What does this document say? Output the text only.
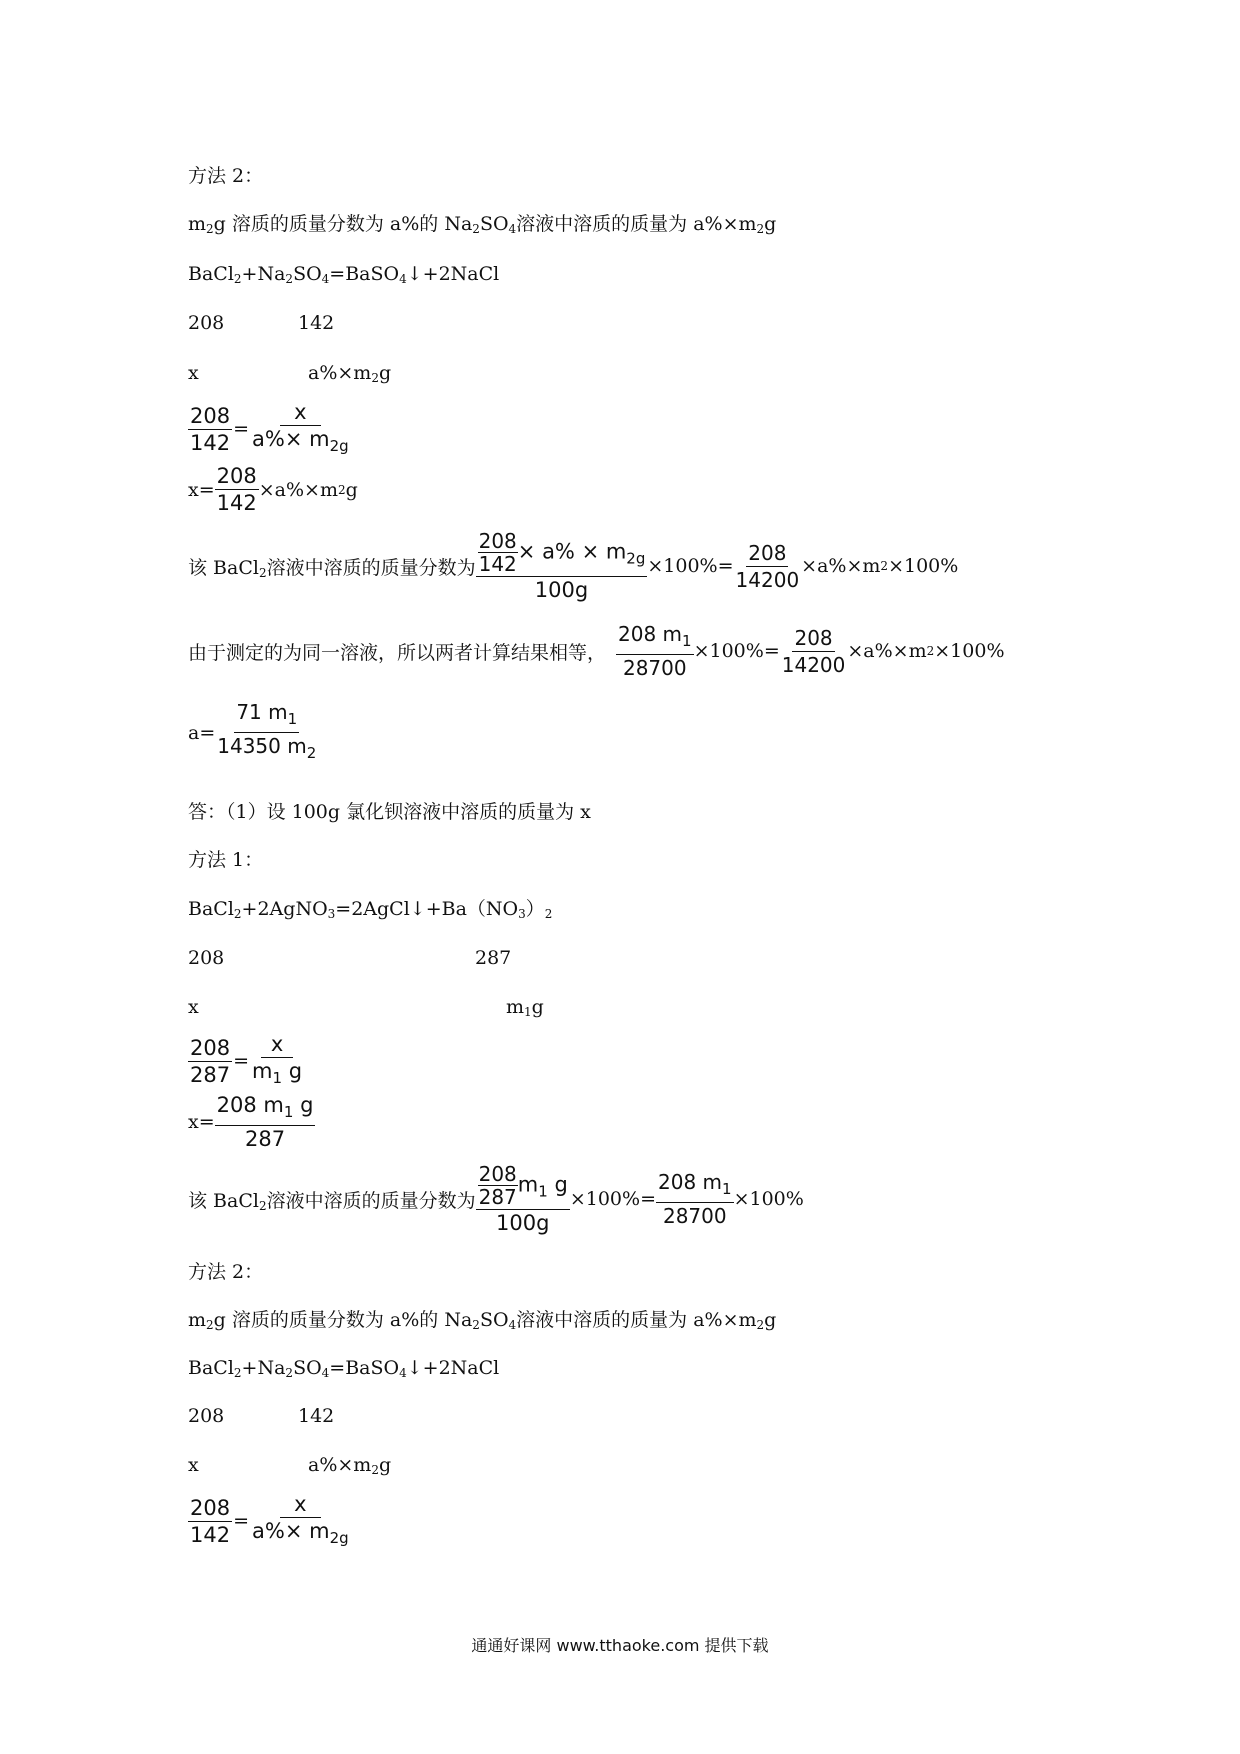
方法 2：
$m_2g$ 溶质的质量分数为 a%的 $Na_2SO_4$溶液中溶质的质量为 $a\%\times m_2g$
$BaCl_2+Na_2SO_4=BaSO_4↓+2NaCl$
208	142
x	$a\%\times m_2g$
$\frac{208}{142} = \frac{x}{a\%\times m_{2g}}$
$x= \frac{208}{142} \times a\%\times m$ 2 g
该 BaCl$_2$溶液中溶质的质量分数为 $\frac{\frac{208}{142} \times a\% \times m_{2g}}{100g} \times 100\%= \frac{208}{14200} \times a\%\times m$ 2 ×100%
由于测定的为同一溶液，所以两者计算结果相等， $\frac{208 m_1}{28700} \times 100\%= \frac{208}{14200} \times a\%\times m$ 2 ×100%
$a= \frac{71 m_1}{14350 m_2}$
答：（1）设 100g 氯化钡溶液中溶质的质量为 x
方法 1：
$BaCl_2+2AgNO_3=2AgCl↓+Ba(NO_3)_2$
208	287
x	$m_1g$
$\frac{208}{287} = \frac{x}{m_1 g}$
$x= \frac{208 m_1 g}{287}$
该 BaCl$_2$溶液中溶质的质量分数为 $\frac{\frac{208}{287} m_1 g}{100g} \times 100\%= \frac{208 m_1}{28700} \times 100\%$
方法 2：
$m_2g$ 溶质的质量分数为 a%的 $Na_2SO_4$溶液中溶质的质量为 $a\%\times m_2g$
$BaCl_2+Na_2SO_4=BaSO_4↓+2NaCl$
208	142
x	$a\%\times m_2g$
$\frac{208}{142} = \frac{x}{a\%\times m_{2g}}$
通通好课网 www.tthaoke.com 提供下载
